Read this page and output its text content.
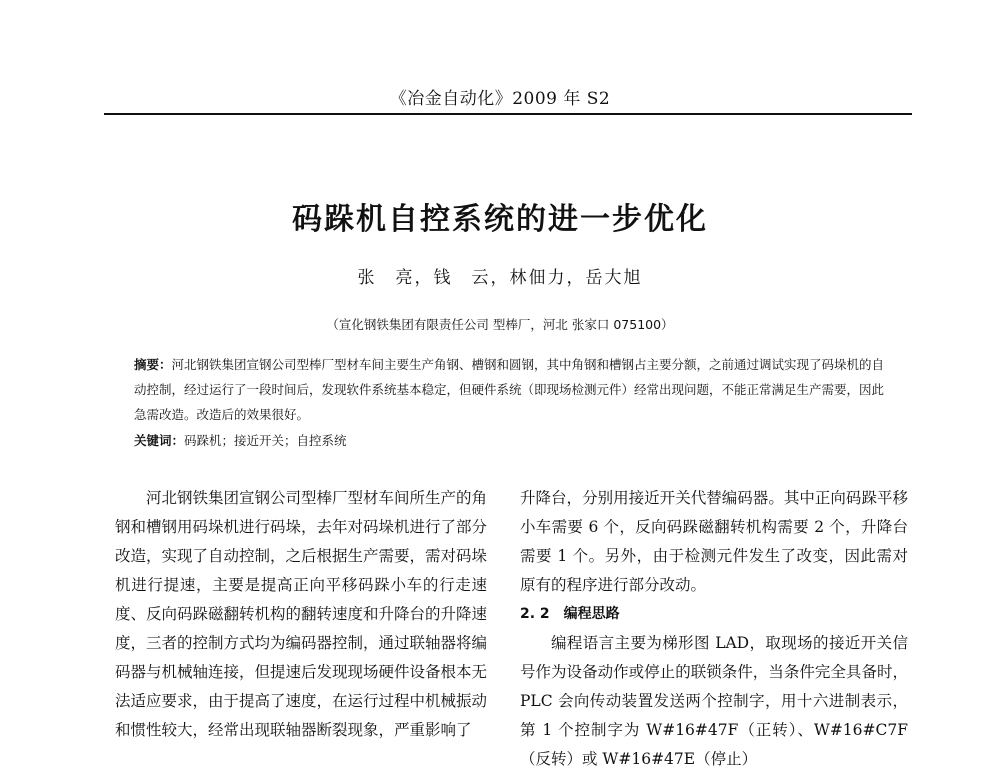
《冶金自动化》2009 年 S2
码跺机自控系统的进一步优化
张　亮，钱　云，林佃力，岳大旭
（宣化钢铁集团有限责任公司 型棒厂，河北 张家口 075100）
摘要：河北钢铁集团宣钢公司型棒厂型材车间主要生产角钢、槽钢和圆钢，其中角钢和槽钢占主要分额，之前通过调试实现了码垛机的自动控制，经过运行了一段时间后，发现软件系统基本稳定，但硬件系统（即现场检测元件）经常出现问题，不能正常满足生产需要，因此急需改造。改造后的效果很好。
关键词：码跺机；接近开关；自控系统

河北钢铁集团宣钢公司型棒厂型材车间所生产的角钢和槽钢用码垛机进行码垛，去年对码垛机进行了部分改造，实现了自动控制，之后根据生产需要，需对码垛机进行提速，主要是提高正向平移码跺小车的行走速度、反向码跺磁翻转机构的翻转速度和升降台的升降速度，三者的控制方式均为编码器控制，通过联轴器将编码器与机械轴连接，但提速后发现现场硬件设备根本无法适应要求，由于提高了速度，在运行过程中机械振动和惯性较大，经常出现联轴器断裂现象，严重影响了

升降台，分别用接近开关代替编码器。其中正向码跺平移小车需要 6 个，反向码跺磁翻转机构需要 2 个，升降台需要 1 个。另外，由于检测元件发生了改变，因此需对原有的程序进行部分改动。

2. 2　编程思路

编程语言主要为梯形图 LAD，取现场的接近开关信号作为设备动作或停止的联锁条件，当条件完全具备时，PLC 会向传动装置发送两个控制字，用十六进制表示，第 1 个控制字为 W#16#47F（正转）、W#16#C7F（反转）或 W#16#47E（停止）
